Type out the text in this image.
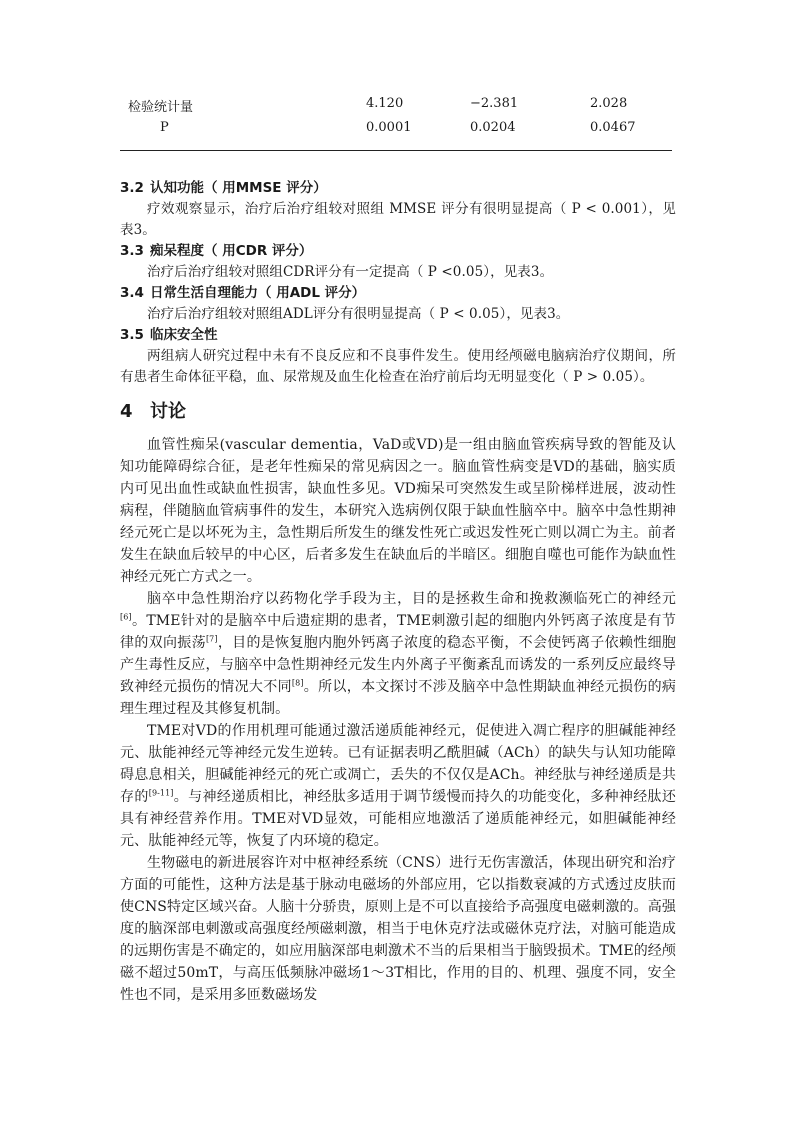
检验统计量	4.120	−2.381	2.028
P	0.0001	0.0204	0.0467

3.2 认知功能（ 用MMSE 评分）

疗效观察显示，治疗后治疗组较对照组 MMSE 评分有很明显提高（ P < 0.001），见表3。

3.3 痴呆程度（ 用CDR 评分）

治疗后治疗组较对照组CDR评分有一定提高（ P <0.05），见表3。

3.4 日常生活自理能力（ 用ADL 评分）

治疗后治疗组较对照组ADL评分有很明显提高（ P < 0.05），见表3。

3.5 临床安全性

两组病人研究过程中未有不良反应和不良事件发生。使用经颅磁电脑病治疗仪期间，所有患者生命体征平稳，血、尿常规及血生化检查在治疗前后均无明显变化（ P > 0.05）。

4 讨论

血管性痴呆(vascular dementia，VaD或VD)是一组由脑血管疾病导致的智能及认知功能障碍综合征，是老年性痴呆的常见病因之一。脑血管性病变是VD的基础，脑实质内可见出血性或缺血性损害，缺血性多见。VD痴呆可突然发生或呈阶梯样进展，波动性病程，伴随脑血管病事件的发生，本研究入选病例仅限于缺血性脑卒中。脑卒中急性期神经元死亡是以坏死为主，急性期后所发生的继发性死亡或迟发性死亡则以凋亡为主。前者发生在缺血后较早的中心区，后者多发生在缺血后的半暗区。细胞自噬也可能作为缺血性神经元死亡方式之一。

脑卒中急性期治疗以药物化学手段为主，目的是拯救生命和挽救濒临死亡的神经元[6]。TME针对的是脑卒中后遗症期的患者，TME刺激引起的细胞内外钙离子浓度是有节律的双向振荡[7]，目的是恢复胞内胞外钙离子浓度的稳态平衡，不会使钙离子依赖性细胞产生毒性反应，与脑卒中急性期神经元发生内外离子平衡紊乱而诱发的一系列反应最终导致神经元损伤的情况大不同[8]。所以，本文探讨不涉及脑卒中急性期缺血神经元损伤的病理生理过程及其修复机制。

TME对VD的作用机理可能通过激活递质能神经元，促使进入凋亡程序的胆碱能神经元、肽能神经元等神经元发生逆转。已有证据表明乙酰胆碱（ACh）的缺失与认知功能障碍息息相关，胆碱能神经元的死亡或凋亡，丢失的不仅仅是ACh。神经肽与神经递质是共存的[9-11]。与神经递质相比，神经肽多适用于调节缓慢而持久的功能变化，多种神经肽还具有神经营养作用。TME对VD显效，可能相应地激活了递质能神经元，如胆碱能神经元、肽能神经元等，恢复了内环境的稳定。

生物磁电的新进展容许对中枢神经系统（CNS）进行无伤害激活，体现出研究和治疗方面的可能性，这种方法是基于脉动电磁场的外部应用，它以指数衰减的方式透过皮肤而使CNS特定区域兴奋。人脑十分骄贵，原则上是不可以直接给予高强度电磁刺激的。高强度的脑深部电刺激或高强度经颅磁刺激，相当于电休克疗法或磁休克疗法，对脑可能造成的远期伤害是不确定的，如应用脑深部电刺激术不当的后果相当于脑毁损术。TME的经颅磁不超过50mT，与高压低频脉冲磁场1～3T相比，作用的目的、机理、强度不同，安全性也不同，是采用多匝数磁场发
